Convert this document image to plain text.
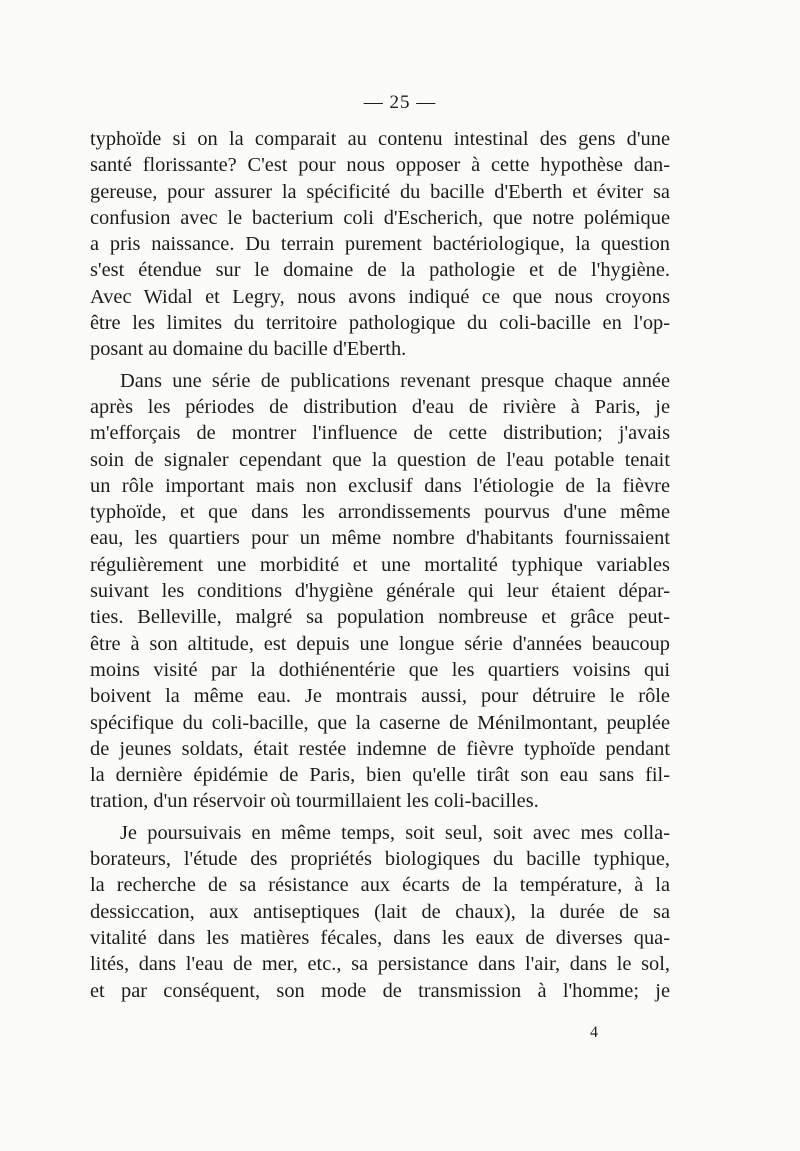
— 25 —
typhoïde si on la comparait au contenu intestinal des gens d'une
santé florissante? C'est pour nous opposer à cette hypothèse dan-
gereuse, pour assurer la spécificité du bacille d'Eberth et éviter sa
confusion avec le bacterium coli d'Escherich, que notre polémique
a pris naissance. Du terrain purement bactériologique, la question
s'est étendue sur le domaine de la pathologie et de l'hygiène.
Avec Widal et Legry, nous avons indiqué ce que nous croyons
être les limites du territoire pathologique du coli-bacille en l'op-
posant au domaine du bacille d'Eberth.
Dans une série de publications revenant presque chaque année
après les périodes de distribution d'eau de rivière à Paris, je
m'efforçais de montrer l'influence de cette distribution; j'avais
soin de signaler cependant que la question de l'eau potable tenait
un rôle important mais non exclusif dans l'étiologie de la fièvre
typhoïde, et que dans les arrondissements pourvus d'une même
eau, les quartiers pour un même nombre d'habitants fournissaient
régulièrement une morbidité et une mortalité typhique variables
suivant les conditions d'hygiène générale qui leur étaient dépar-
ties. Belleville, malgré sa population nombreuse et grâce peut-
être à son altitude, est depuis une longue série d'années beaucoup
moins visité par la dothiénentérie que les quartiers voisins qui
boivent la même eau. Je montrais aussi, pour détruire le rôle
spécifique du coli-bacille, que la caserne de Ménilmontant, peuplée
de jeunes soldats, était restée indemne de fièvre typhoïde pendant
la dernière épidémie de Paris, bien qu'elle tirât son eau sans fil-
tration, d'un réservoir où tourmillaient les coli-bacilles.
Je poursuivais en même temps, soit seul, soit avec mes colla-
borateurs, l'étude des propriétés biologiques du bacille typhique,
la recherche de sa résistance aux écarts de la température, à la
dessiccation, aux antiseptiques (lait de chaux), la durée de sa
vitalité dans les matières fécales, dans les eaux de diverses qua-
lités, dans l'eau de mer, etc., sa persistance dans l'air, dans le sol,
et par conséquent, son mode de transmission à l'homme; je
4
